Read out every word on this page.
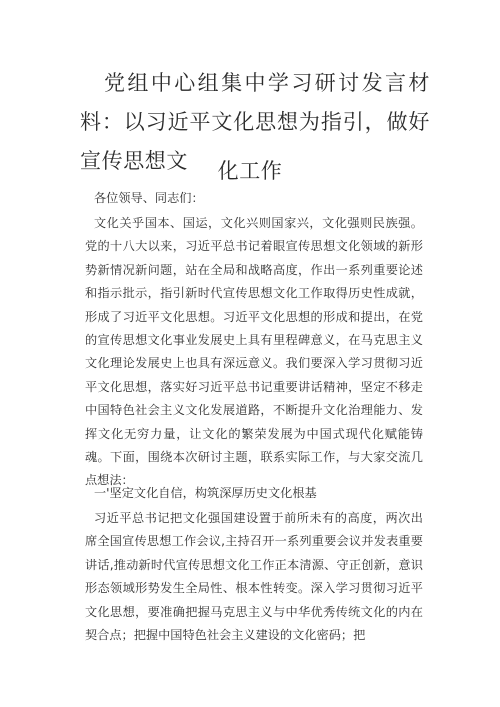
党组中心组集中学习研讨发言材料：以习近平文化思想为指引，做好宣传思想文	化工作
各位领导、同志们：
文化关乎国本、国运，文化兴则国家兴，文化强则民族强。党的十八大以来，习近平总书记着眼宣传思想文化领域的新形势新情况新问题，站在全局和战略高度，作出一系列重要论述和指示批示，指引新时代宣传思想文化工作取得历史性成就，形成了习近平文化思想。习近平文化思想的形成和提出，在党的宣传思想文化事业发展史上具有里程碑意义，在马克思主义文化理论发展史上也具有深远意义。我们要深入学习贯彻习近平文化思想，落实好习近平总书记重要讲话精神，坚定不移走中国特色社会主义文化发展道路，不断提升文化治理能力、发挥文化无穷力量，让文化的繁荣发展为中国式现代化赋能铸魂。下面，围绕本次研讨主题，联系实际工作，与大家交流几点想法：
一'坚定文化自信，构筑深厚历史文化根基
习近平总书记把文化强国建设置于前所未有的高度，两次出席全国宣传思想工作会议,主持召开一系列重要会议并发表重要讲话,推动新时代宣传思想文化工作正本清源、守正创新，意识形态领域形势发生全局性、根本性转变。深入学习贯彻习近平文化思想，要准确把握马克思主义与中华优秀传统文化的内在契合点；把握中国特色社会主义建设的文化密码；把
